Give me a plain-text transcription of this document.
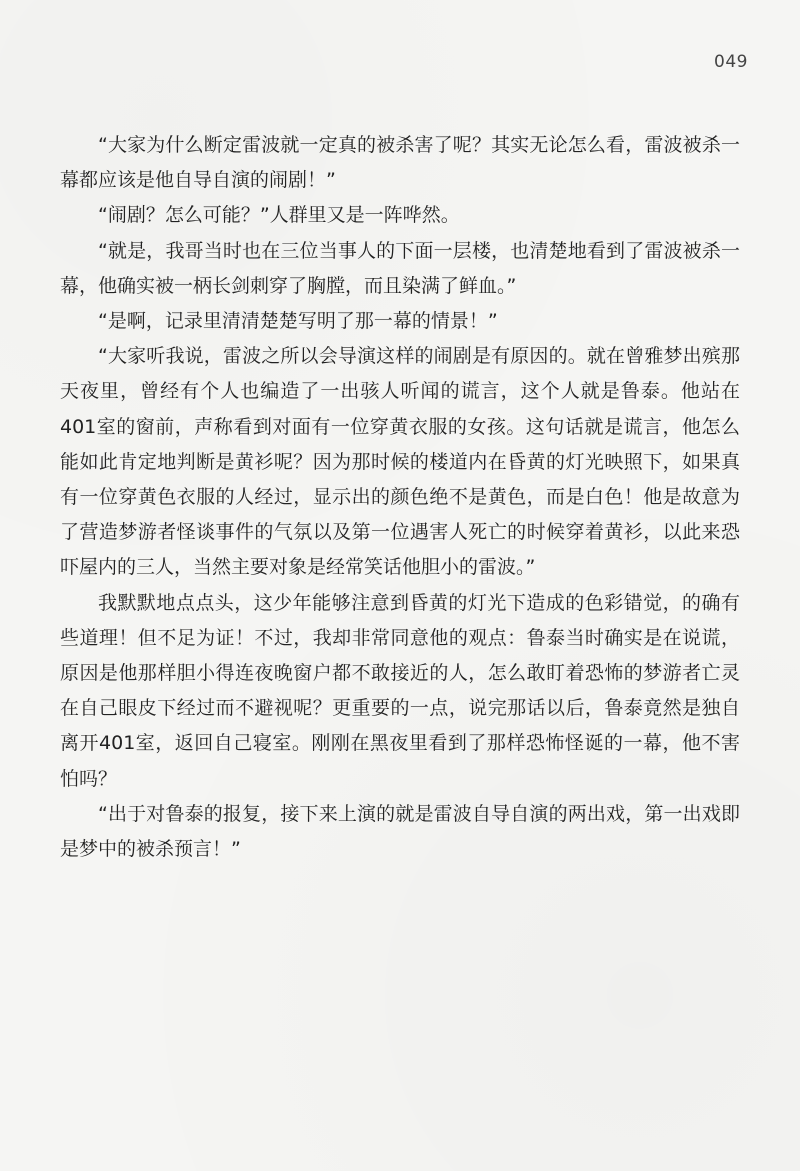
049

“大家为什么断定雷波就一定真的被杀害了呢？其实无论怎么看，雷波被杀一幕都应该是他自导自演的闹剧！”

“闹剧？怎么可能？”人群里又是一阵哗然。

“就是，我哥当时也在三位当事人的下面一层楼，也清楚地看到了雷波被杀一幕，他确实被一柄长剑刺穿了胸膛，而且染满了鲜血。”

“是啊，记录里清清楚楚写明了那一幕的情景！”

“大家听我说，雷波之所以会导演这样的闹剧是有原因的。就在曾雅梦出殡那天夜里，曾经有个人也编造了一出骇人听闻的谎言，这个人就是鲁泰。他站在401室的窗前，声称看到对面有一位穿黄衣服的女孩。这句话就是谎言，他怎么能如此肯定地判断是黄衫呢？因为那时候的楼道内在昏黄的灯光映照下，如果真有一位穿黄色衣服的人经过，显示出的颜色绝不是黄色，而是白色！他是故意为了营造梦游者怪谈事件的气氛以及第一位遇害人死亡的时候穿着黄衫，以此来恐吓屋内的三人，当然主要对象是经常笑话他胆小的雷波。”

我默默地点点头，这少年能够注意到昏黄的灯光下造成的色彩错觉，的确有些道理！但不足为证！不过，我却非常同意他的观点：鲁泰当时确实是在说谎，原因是他那样胆小得连夜晚窗户都不敢接近的人，怎么敢盯着恐怖的梦游者亡灵在自己眼皮下经过而不避视呢？更重要的一点，说完那话以后，鲁泰竟然是独自离开401室，返回自己寝室。刚刚在黑夜里看到了那样恐怖怪诞的一幕，他不害怕吗？

“出于对鲁泰的报复，接下来上演的就是雷波自导自演的两出戏，第一出戏即是梦中的被杀预言！”
